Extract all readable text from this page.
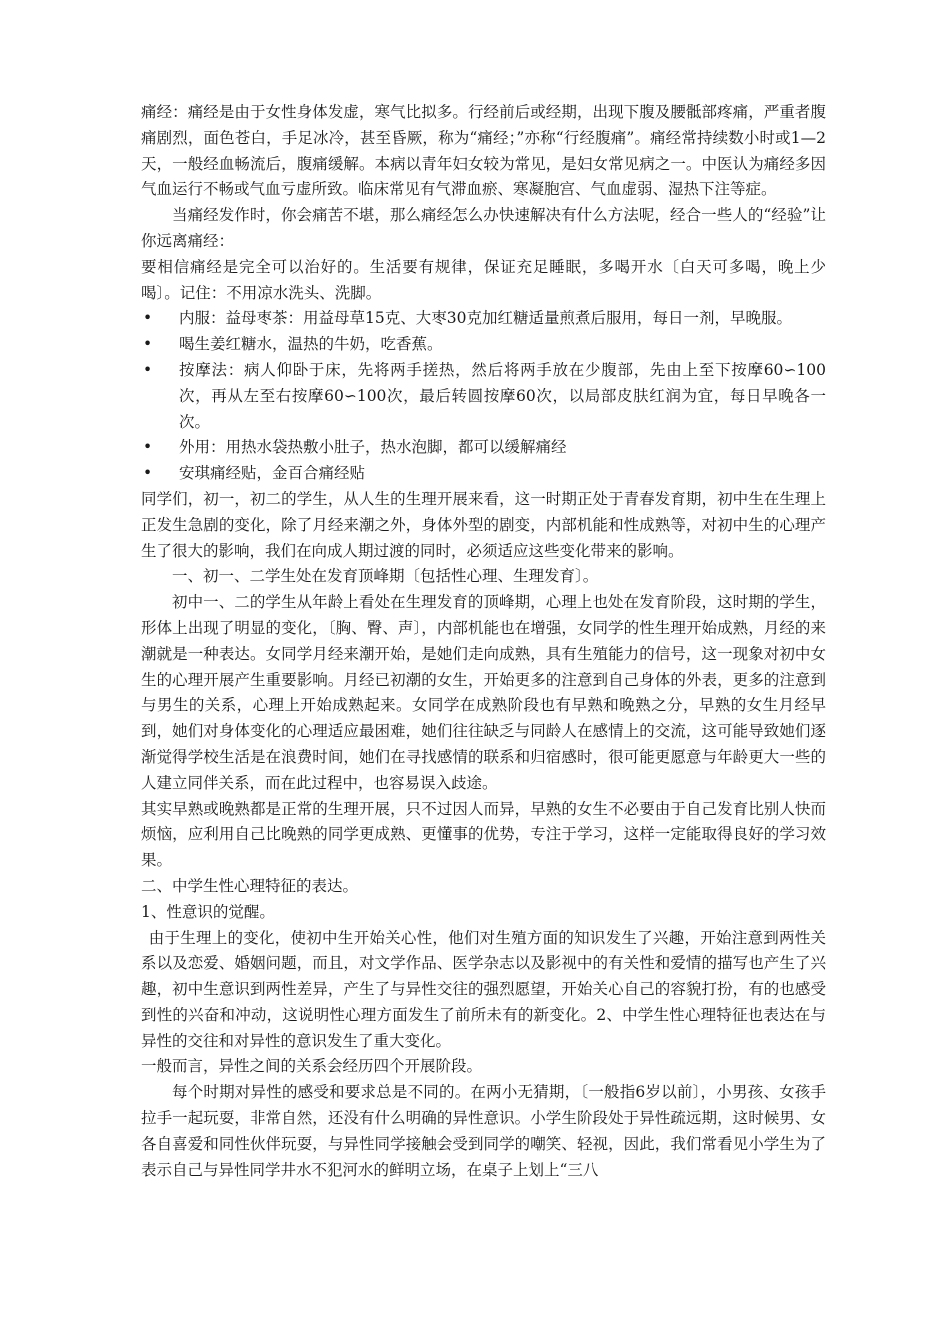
痛经：痛经是由于女性身体发虚，寒气比拟多。行经前后或经期，出现下腹及腰骶部疼痛，严重者腹痛剧烈，面色苍白，手足冰冷，甚至昏厥，称为“痛经；”亦称“行经腹痛”。痛经常持续数小时或1—2天，一般经血畅流后，腹痛缓解。本病以青年妇女较为常见，是妇女常见病之一。中医认为痛经多因气血运行不畅或气血亏虚所致。临床常见有气滞血瘀、寒凝胞宫、气血虚弱、湿热下注等症。

当痛经发作时，你会痛苦不堪，那么痛经怎么办快速解决有什么方法呢，经合一些人的“经验”让你远离痛经：

要相信痛经是完全可以治好的。生活要有规律，保证充足睡眠，多喝开水〔白天可多喝，晚上少喝〕。记住：不用凉水洗头、洗脚。

• 内服：益母枣茶：用益母草15克、大枣30克加红糖适量煎煮后服用，每日一剂，早晚服。
• 喝生姜红糖水，温热的牛奶，吃香蕉。
• 按摩法：病人仰卧于床，先将两手搓热，然后将两手放在少腹部，先由上至下按摩60∽100次，再从左至右按摩60∽100次，最后转圆按摩60次，以局部皮肤红润为宜，每日早晚各一次。
• 外用：用热水袋热敷小肚子，热水泡脚，都可以缓解痛经
• 安琪痛经贴，金百合痛经贴

同学们，初一，初二的学生，从人生的生理开展来看，这一时期正处于青春发育期，初中生在生理上正发生急剧的变化，除了月经来潮之外，身体外型的剧变，内部机能和性成熟等，对初中生的心理产生了很大的影响，我们在向成人期过渡的同时，必须适应这些变化带来的影响。

一、初一、二学生处在发育顶峰期〔包括性心理、生理发育〕。

初中一、二的学生从年龄上看处在生理发育的顶峰期，心理上也处在发育阶段，这时期的学生，形体上出现了明显的变化，〔胸、臀、声〕，内部机能也在增强，女同学的性生理开始成熟，月经的来潮就是一种表达。女同学月经来潮开始，是她们走向成熟，具有生殖能力的信号，这一现象对初中女生的心理开展产生重要影响。月经已初潮的女生，开始更多的注意到自己身体的外表，更多的注意到与男生的关系，心理上开始成熟起来。女同学在成熟阶段也有早熟和晚熟之分，早熟的女生月经早到，她们对身体变化的心理适应最困难，她们往往缺乏与同龄人在感情上的交流，这可能导致她们逐渐觉得学校生活是在浪费时间，她们在寻找感情的联系和归宿感时，很可能更愿意与年龄更大一些的人建立同伴关系，而在此过程中，也容易误入歧途。

其实早熟或晚熟都是正常的生理开展，只不过因人而异，早熟的女生不必要由于自己发育比别人快而烦恼，应利用自己比晚熟的同学更成熟、更懂事的优势，专注于学习，这样一定能取得良好的学习效果。

二、中学生性心理特征的表达。

1、性意识的觉醒。

由于生理上的变化，使初中生开始关心性，他们对生殖方面的知识发生了兴趣，开始注意到两性关系以及恋爱、婚姻问题，而且，对文学作品、医学杂志以及影视中的有关性和爱情的描写也产生了兴趣，初中生意识到两性差异，产生了与异性交往的强烈愿望，开始关心自己的容貌打扮，有的也感受到性的兴奋和冲动，这说明性心理方面发生了前所未有的新变化。2、中学生性心理特征也表达在与异性的交往和对异性的意识发生了重大变化。

一般而言，异性之间的关系会经历四个开展阶段。

每个时期对异性的感受和要求总是不同的。在两小无猜期，〔一般指6岁以前〕，小男孩、女孩手拉手一起玩耍，非常自然，还没有什么明确的异性意识。小学生阶段处于异性疏远期，这时候男、女各自喜爱和同性伙伴玩耍，与异性同学接触会受到同学的嘲笑、轻视，因此，我们常看见小学生为了表示自己与异性同学井水不犯河水的鲜明立场，在桌子上划上“三八
